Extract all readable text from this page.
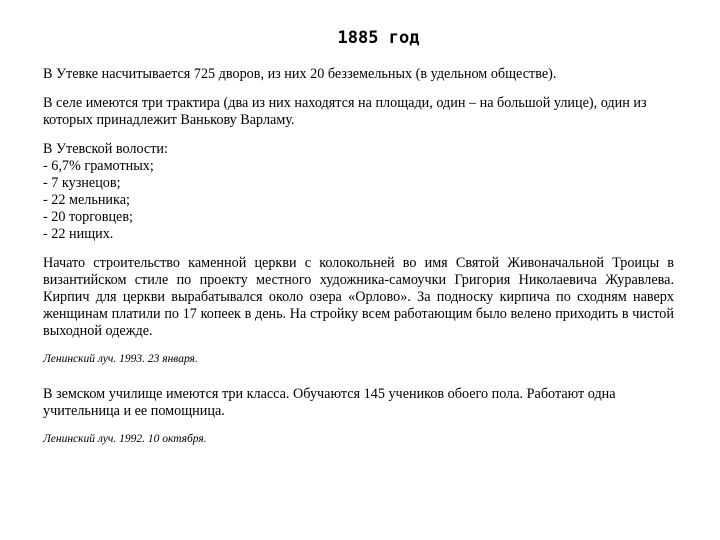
1885 год

В Утевке насчитывается 725 дворов, из них 20 безземельных (в удельном обществе).

В селе имеются три трактира (два из них находятся на площади, один – на большой улице), один из которых принадлежит Ванькову Варламу.

В Утевской волости:
- 6,7% грамотных;
- 7 кузнецов;
- 22 мельника;
- 20 торговцев;
- 22 нищих.

Начато строительство каменной церкви с колокольней во имя Святой Живоначальной Троицы в византийском стиле по проекту местного художника-самоучки Григория Николаевича Журавлева. Кирпич для церкви вырабатывался около озера «Орлово». За подноску кирпича по сходням наверх женщинам платили по 17 копеек в день. На стройку всем работающим было велено приходить в чистой выходной одежде.

Ленинский луч. 1993. 23 января.

В земском училище имеются три класса. Обучаются 145 учеников обоего пола. Работают одна учительница и ее помощница.

Ленинский луч. 1992. 10 октября.
